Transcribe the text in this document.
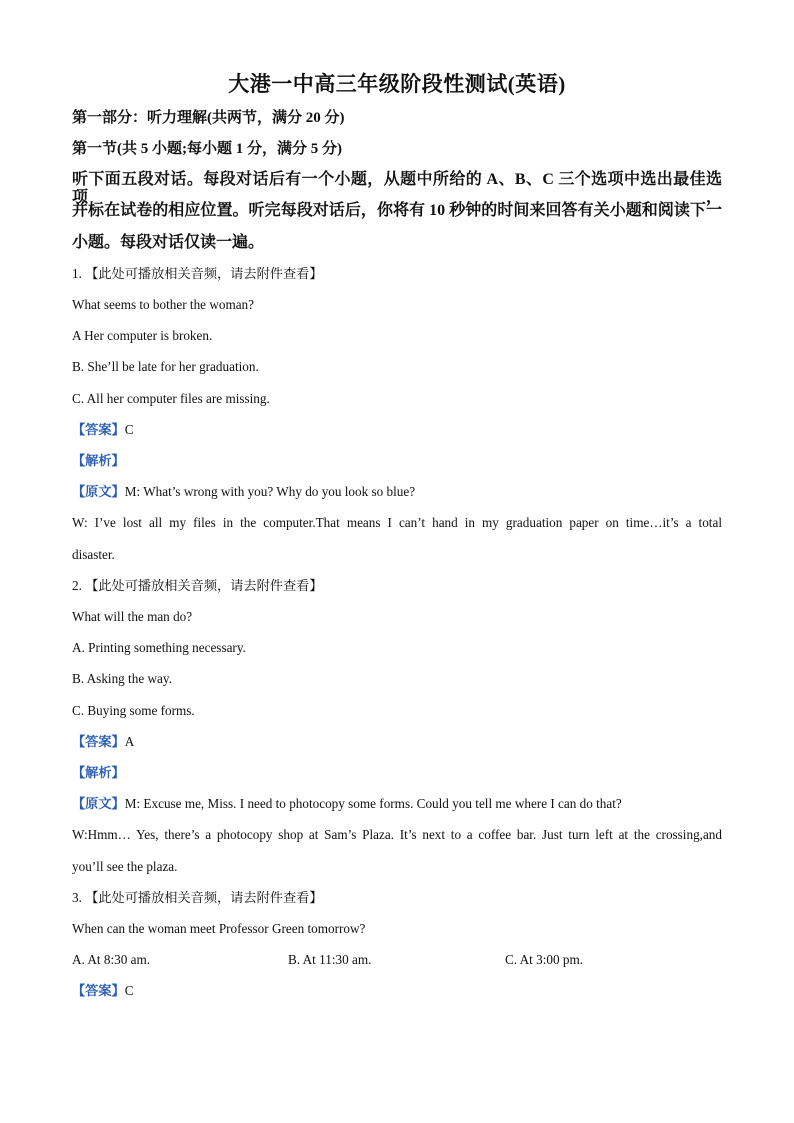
大港一中高三年级阶段性测试(英语)
第一部分：听力理解(共两节，满分 20 分)
第一节(共 5 小题;每小题 1 分，满分 5 分)
听下面五段对话。每段对话后有一个小题，从题中所给的 A、B、C 三个选项中选出最佳选项，
并标在试卷的相应位置。听完每段对话后，你将有 10 秒钟的时间来回答有关小题和阅读下一
小题。每段对话仅读一遍。
1. 【此处可播放相关音频，请去附件查看】
What seems to bother the woman?
A Her computer is broken.
B. She’ll be late for her graduation.
C. All her computer files are missing.
【答案】C
【解析】
【原文】M: What’s wrong with you? Why do you look so blue?
W: I’ve lost all my files in the computer.That means I can’t hand in my graduation paper on time…it’s a total
disaster.
2. 【此处可播放相关音频，请去附件查看】
What will the man do?
A. Printing something necessary.
B. Asking the way.
C. Buying some forms.
【答案】A
【解析】
【原文】M: Excuse me, Miss. I need to photocopy some forms. Could you tell me where I can do that?
W:Hmm… Yes, there’s a photocopy shop at Sam’s Plaza. It’s next to a coffee bar. Just turn left at the crossing,and
you’ll see the plaza.
3. 【此处可播放相关音频，请去附件查看】
When can the woman meet Professor Green tomorrow?
A. At 8:30 am.	B. At 11:30 am.	C. At 3:00 pm.
【答案】C
